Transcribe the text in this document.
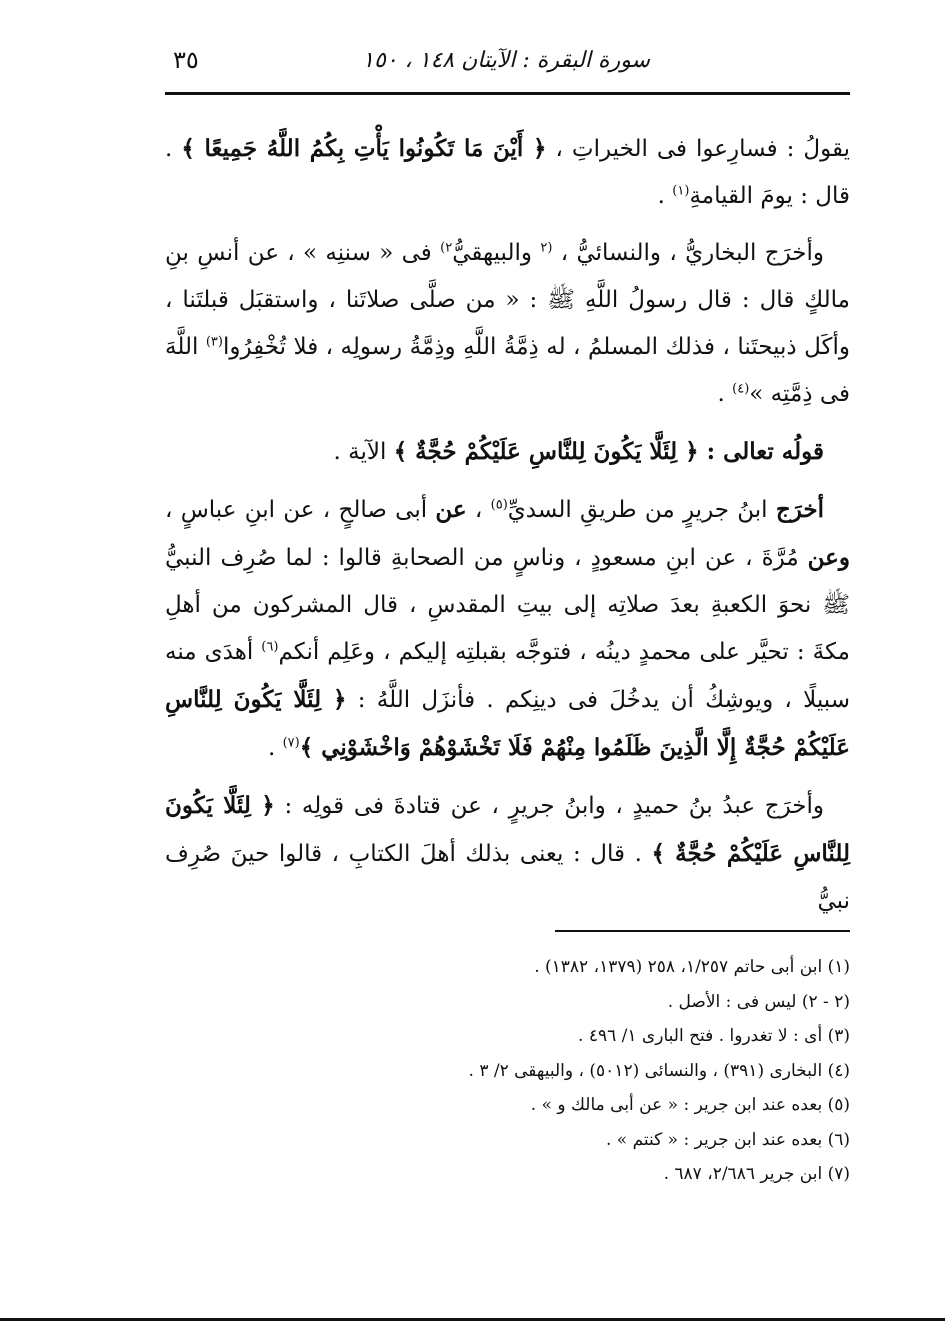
سورة البقرة : الآيتان ١٤٨ ، ١٥٠
٣٥

يقولُ : فسارِعوا فى الخيراتِ ، ﴿ أَيْنَ مَا تَكُونُوا يَأْتِ بِكُمُ اللَّهُ جَمِيعًا ﴾ . قال : يومَ القيامةِ$^{(١)}$ .

وأخرَج البخاريُّ ، والنسائيُّ ، $^{(٢}$ والبيهقيُّ$^{٢)}$ فى « سننِه » ، عن أنسِ بنِ مالكٍ قال : قال رسولُ اللَّهِ ﷺ : « من صلَّى صلاتَنا ، واستقبَل قبلتَنا ، وأكَل ذبيحتَنا ، فذلك المسلمُ ، له ذِمَّةُ اللَّهِ وذِمَّةُ رسولِه ، فلا تُخْفِرُوا$^{(٣)}$ اللَّهَ فى ذِمَّتِه »$^{(٤)}$ .

قولُه تعالى : ﴿ لِئَلَّا يَكُونَ لِلنَّاسِ عَلَيْكُمْ حُجَّةٌ ﴾ الآية .

أخرَج ابنُ جريرٍ من طريقِ السديِّ$^{(٥)}$ ، عن أبى صالحٍ ، عن ابنِ عباسٍ ، وعن مُرَّةَ ، عن ابنِ مسعودٍ ، وناسٍ من الصحابةِ قالوا : لما صُرِف النبيُّ ﷺ نحوَ الكعبةِ بعدَ صلاتِه إلى بيتِ المقدسِ ، قال المشركون من أهلِ مكةَ : تحيَّر على محمدٍ دينُه ، فتوجَّه بقبلتِه إليكم ، وعَلِم أنكم$^{(٦)}$ أهدَى منه سبيلًا ، ويوشِكُ أن يدخُلَ فى دينِكم . فأنزَل اللَّهُ : ﴿ لِئَلَّا يَكُونَ لِلنَّاسِ عَلَيْكُمْ حُجَّةٌ إِلَّا الَّذِينَ ظَلَمُوا مِنْهُمْ فَلَا تَخْشَوْهُمْ وَاخْشَوْنِي ﴾$^{(٧)}$ .

وأخرَج عبدُ بنُ حميدٍ ، وابنُ جريرٍ ، عن قتادةَ فى قولِه : ﴿ لِئَلَّا يَكُونَ لِلنَّاسِ عَلَيْكُمْ حُجَّةٌ ﴾ . قال : يعنى بذلك أهلَ الكتابِ ، قالوا حينَ صُرِف نبيُّ

(١) ابن أبى حاتم ١/٢٥٧، ٢٥٨ (١٣٧٩، ١٣٨٢) .
(٢ - ٢) ليس فى : الأصل .
(٣) أى : لا تغدروا . فتح البارى ١/ ٤٩٦ .
(٤) البخارى (٣٩١) ، والنسائى (٥٠١٢) ، والبيهقى ٢/ ٣ .
(٥) بعده عند ابن جرير : « عن أبى مالك و » .
(٦) بعده عند ابن جرير : « كنتم » .
(٧) ابن جرير ٢/٦٨٦، ٦٨٧ .
